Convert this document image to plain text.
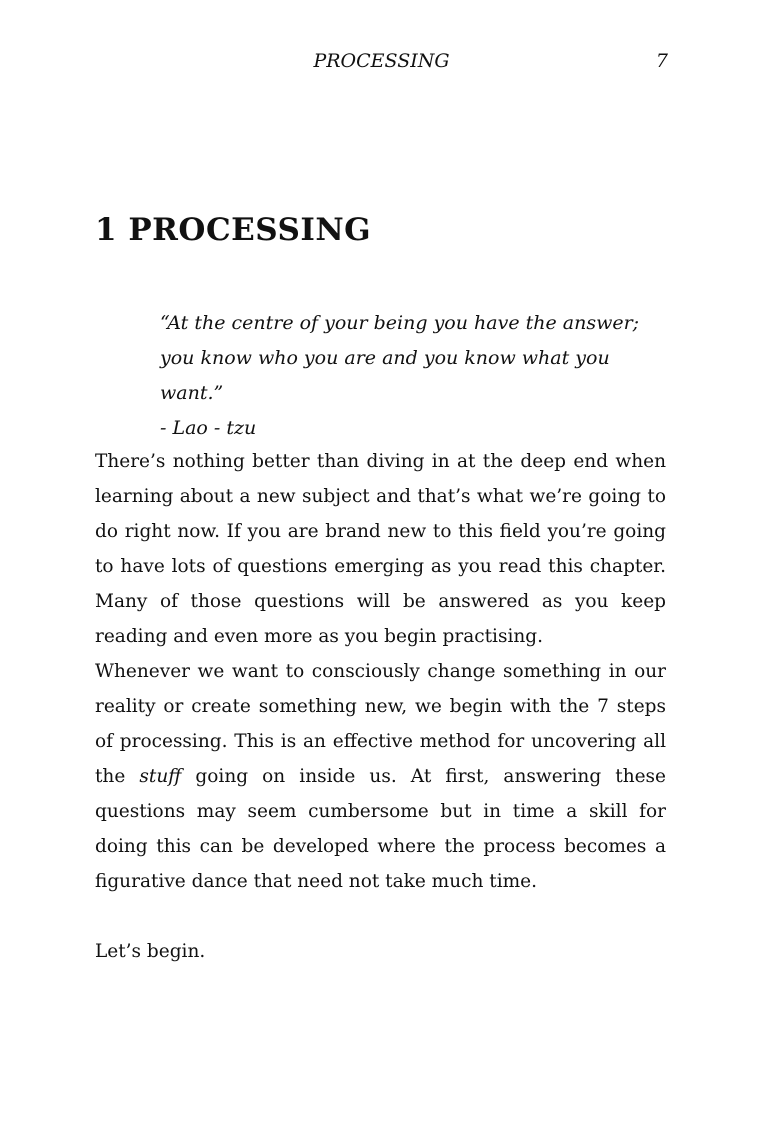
PROCESSING	7
1 PROCESSING

“At the centre of your being you have the answer; you know who you are and you know what you want.”

- Lao - tzu

There’s nothing better than diving in at the deep end when learning about a new subject and that’s what we’re going to do right now. If you are brand new to this field you’re going to have lots of questions emerging as you read this chapter. Many of those questions will be answered as you keep reading and even more as you begin practising.

Whenever we want to consciously change something in our reality or create something new, we begin with the 7 steps of processing. This is an effective method for uncovering all the stuff going on inside us. At first, answering these questions may seem cumbersome but in time a skill for doing this can be developed where the process becomes a figurative dance that need not take much time.

Let’s begin.
